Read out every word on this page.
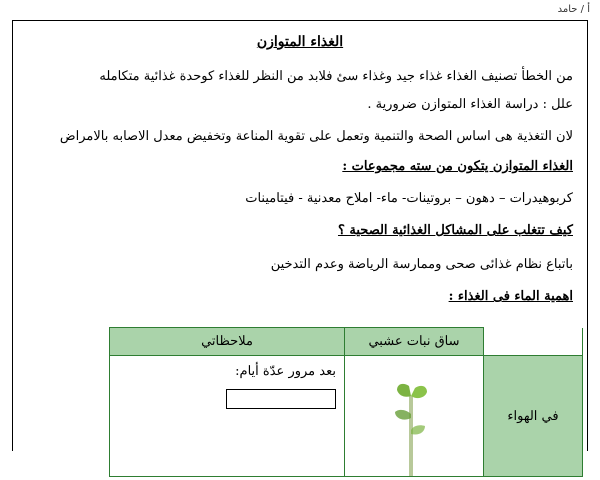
أ / حامد
الغذاء المتوازن
من الخطأ تصنيف الغذاء غذاء جيد وغذاء سئ فلابد من النظر للغذاء كوحدة غذائية متكامله
علل : دراسة الغذاء المتوازن ضرورية .
لان التغذية هى اساس الصحة والتنمية وتعمل على تقوية المناعة وتخفيض معدل الاصابه بالامراض
الغذاء المتوازن يتكون من سته مجموعات :
كربوهيدرات – دهون – بروتينات- ماء- املاح معدنية - فيتامينات
كيف تتغلب على المشاكل الغذائية الصحية ؟
باتباع نظام غذائى صحى وممارسة الرياضة وعدم التدخين
اهمية الماء فى الغذاء :
	ساق نبات عشبي	ملاحظاتي
في الهواء		بعد مرور عدّة أيام:
